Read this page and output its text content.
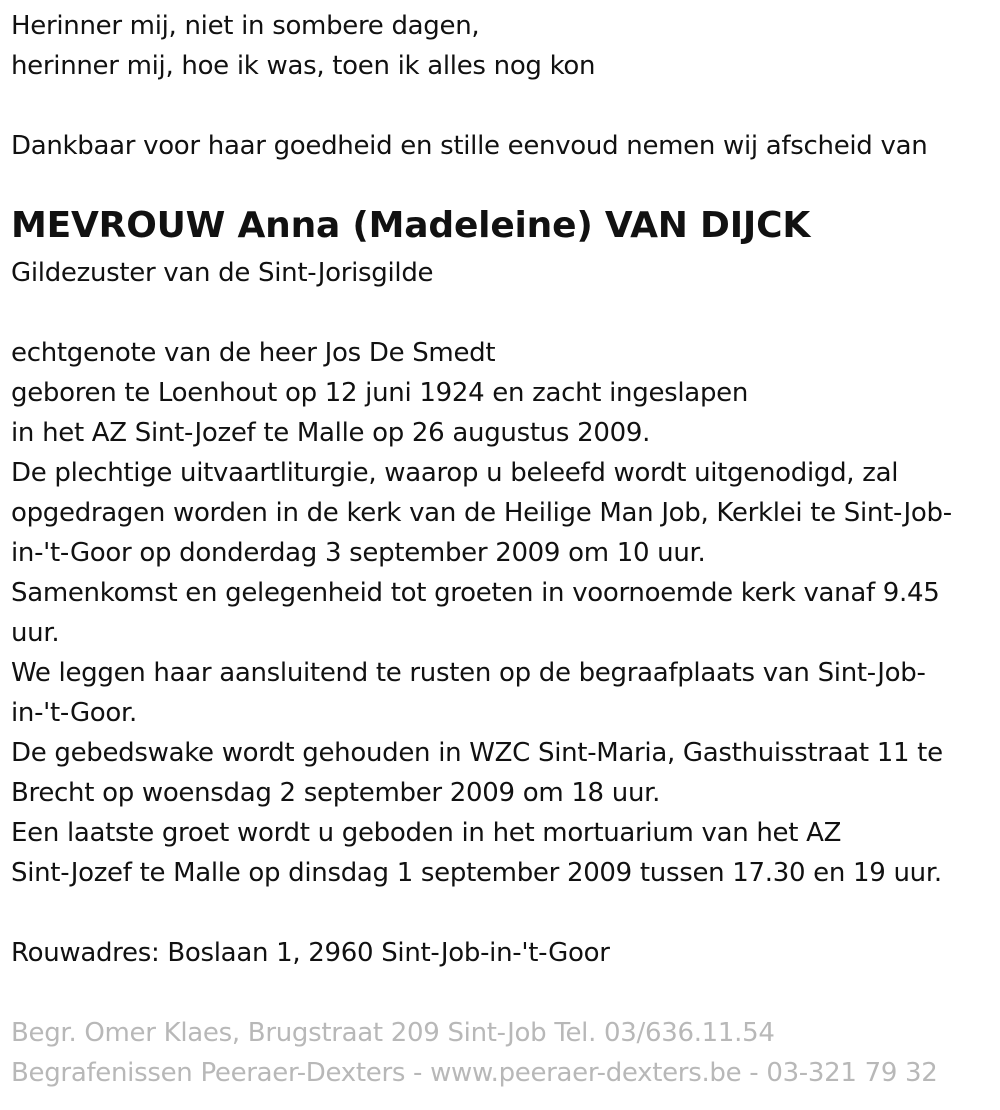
Herinner mij, niet in sombere dagen,
herinner mij, hoe ik was, toen ik alles nog kon
Dankbaar voor haar goedheid en stille eenvoud nemen wij afscheid van
MEVROUW Anna (Madeleine) VAN DIJCK
Gildezuster van de Sint-Jorisgilde
echtgenote van de heer Jos De Smedt
geboren te Loenhout op 12 juni 1924 en zacht ingeslapen
in het AZ Sint-Jozef te Malle op 26 augustus 2009.
De plechtige uitvaartliturgie, waarop u beleefd wordt uitgenodigd, zal
opgedragen worden in de kerk van de Heilige Man Job, Kerklei te Sint-Job-
in-'t-Goor op donderdag 3 september 2009 om 10 uur.
Samenkomst en gelegenheid tot groeten in voornoemde kerk vanaf 9.45
uur.
We leggen haar aansluitend te rusten op de begraafplaats van Sint-Job-
in-'t-Goor.
De gebedswake wordt gehouden in WZC Sint-Maria, Gasthuisstraat 11 te
Brecht op woensdag 2 september 2009 om 18 uur.
Een laatste groet wordt u geboden in het mortuarium van het AZ
Sint-Jozef te Malle op dinsdag 1 september 2009 tussen 17.30 en 19 uur.
Rouwadres: Boslaan 1, 2960 Sint-Job-in-'t-Goor
Begr. Omer Klaes, Brugstraat 209 Sint-Job Tel. 03/636.11.54
Begrafenissen Peeraer-Dexters - www.peeraer-dexters.be - 03-321 79 32
